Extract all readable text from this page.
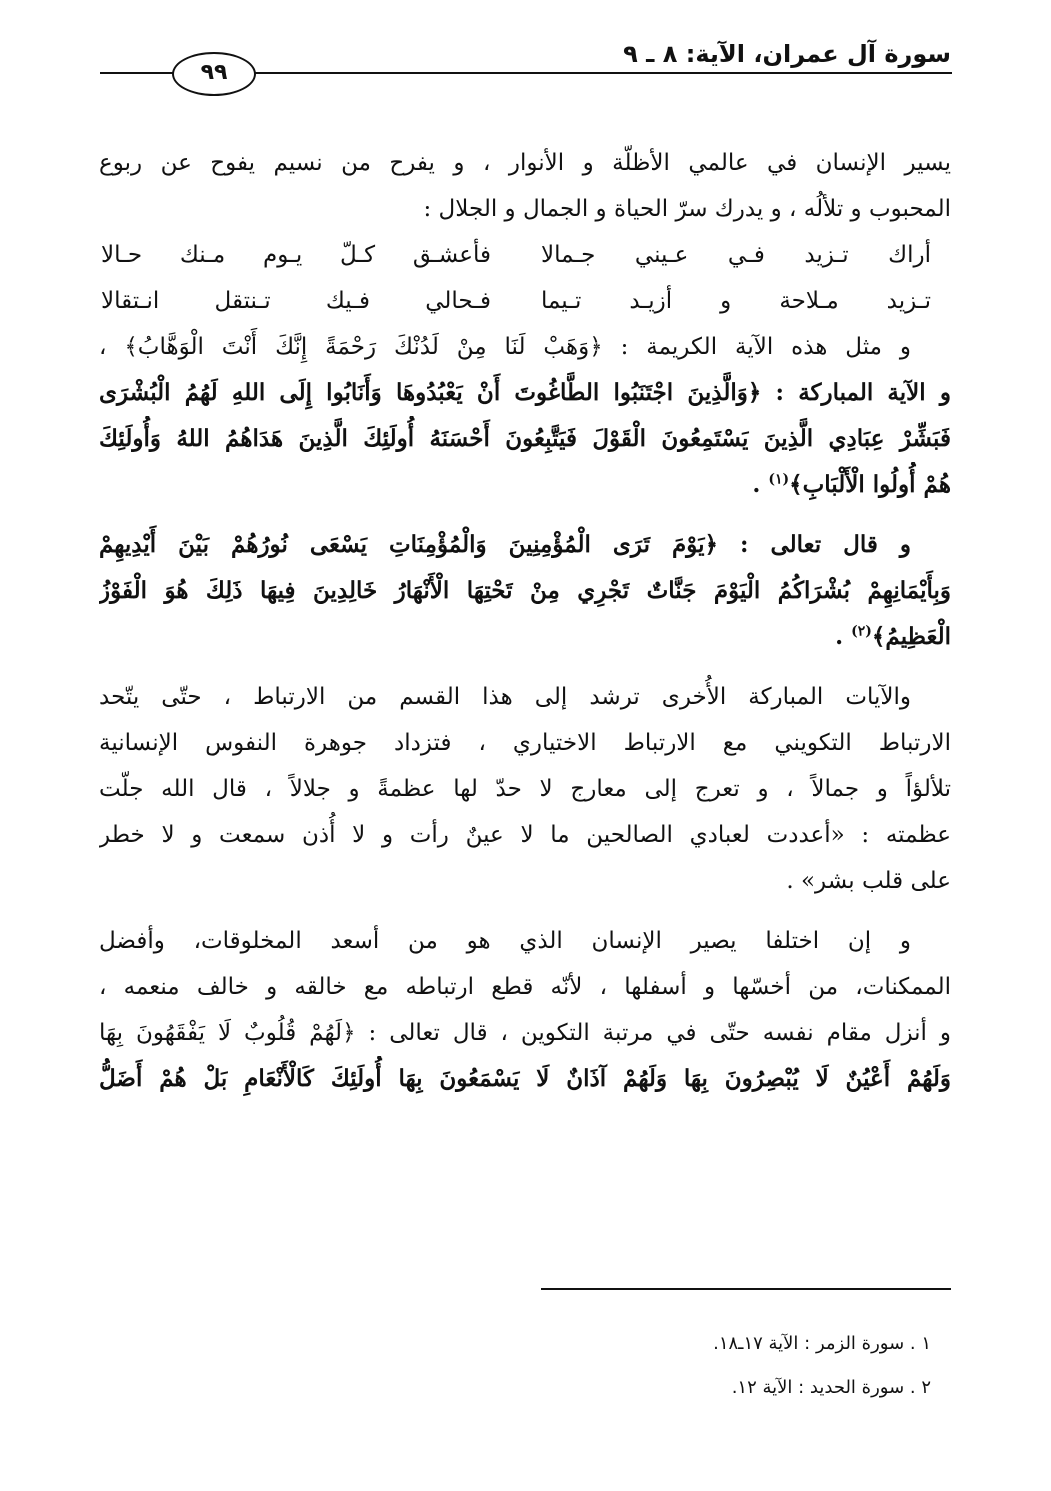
سورة آل عمران، الآية: ٨ ـ ٩
٩٩
يسير الإنسان في عالمي الأظلّة و الأنوار ، و يفرح من نسيم يفوح عن ربوع
المحبوب و تلألُه ، و يدرك سرّ الحياة و الجمال و الجلال :
أراك تـزيد فـي عـيني جـمالافأعشـق كـلّ يـوم مـنك حـالا
تـزيد مـلاحة و أزيـد تـيمافـحالي فـيك تـنتقل انـتقالا
و مثل هذه الآية الكريمة : ﴿وَهَبْ لَنَا مِنْ لَدُنْكَ رَحْمَةً إِنَّكَ أَنْتَ الْوَهَّابُ﴾ ،
و الآية المباركة : ﴿وَالَّذِينَ اجْتَنَبُوا الطَّاغُوتَ أَنْ يَعْبُدُوهَا وَأَنَابُوا إِلَى اللهِ لَهُمُ الْبُشْرَى
فَبَشِّرْ عِبَادِي الَّذِينَ يَسْتَمِعُونَ الْقَوْلَ فَيَتَّبِعُونَ أَحْسَنَهُ أُولَئِكَ الَّذِينَ هَدَاهُمُ اللهُ وَأُولَئِكَ
هُمْ أُولُوا الْأَلْبَابِ﴾$^{(١)}$ .
و قال تعالى : ﴿يَوْمَ تَرَى الْمُؤْمِنِينَ وَالْمُؤْمِنَاتِ يَسْعَى نُورُهُمْ بَيْنَ أَيْدِيهِمْ
وَبِأَيْمَانِهِمْ بُشْرَاكُمُ الْيَوْمَ جَنَّاتٌ تَجْرِي مِنْ تَحْتِهَا الْأَنْهَارُ خَالِدِينَ فِيهَا ذَلِكَ هُوَ الْفَوْزُ
الْعَظِيمُ﴾$^{(٢)}$ .
والآيات المباركة الأُخرى ترشد إلى هذا القسم من الارتباط ، حتّى يتّحد
الارتباط التكويني مع الارتباط الاختياري ، فتزداد جوهرة النفوس الإنسانية
تلألؤاً و جمالاً ، و تعرج إلى معارج لا حدّ لها عظمةً و جلالاً ، قال الله جلّت
عظمته : «أعددت لعبادي الصالحين ما لا عينٌ رأت و لا أُذن سمعت و لا خطر
على قلب بشر» .
و إن اختلفا يصير الإنسان الذي هو من أسعد المخلوقات، وأفضل
الممكنات، من أخسّها و أسفلها ، لأنّه قطع ارتباطه مع خالقه و خالف منعمه ،
و أنزل مقام نفسه حتّى في مرتبة التكوين ، قال تعالى : ﴿لَهُمْ قُلُوبٌ لَا يَفْقَهُونَ بِهَا
وَلَهُمْ أَعْيُنٌ لَا يُبْصِرُونَ بِهَا وَلَهُمْ آذَانٌ لَا يَسْمَعُونَ بِهَا أُولَئِكَ كَالْأَنْعَامِ بَلْ هُمْ أَضَلُّ
١ . سورة الزمر : الآية ١٧ـ١٨.
٢ . سورة الحديد : الآية ١٢.
